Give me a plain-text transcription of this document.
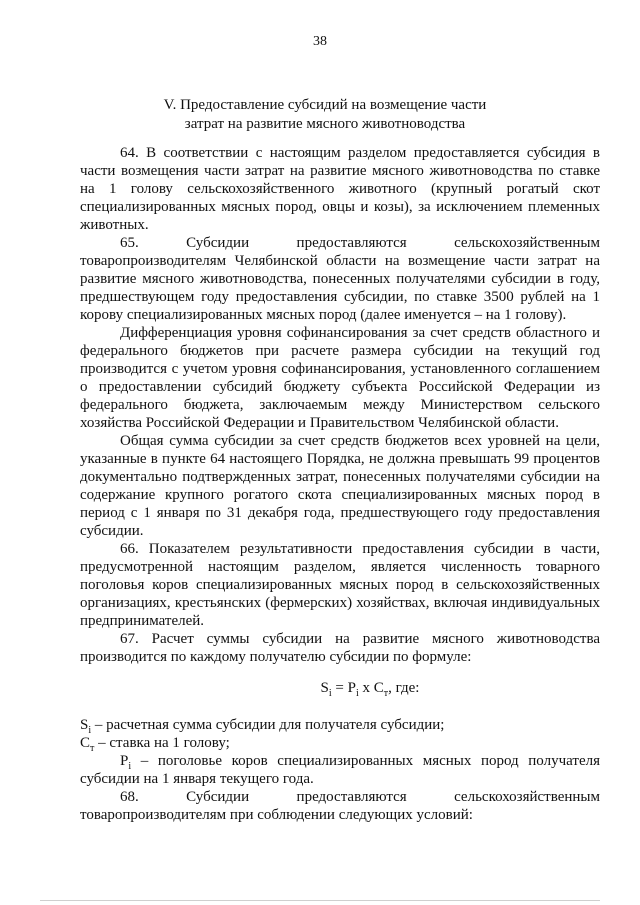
38
V. Предоставление субсидий на возмещение части
затрат на развитие мясного животноводства

64. В соответствии с настоящим разделом предоставляется субсидия в части возмещения части затрат на развитие мясного животноводства по ставке на 1 голову сельскохозяйственного животного (крупный рогатый скот специализированных мясных пород, овцы и козы), за исключением племенных животных.

65. Субсидии предоставляются сельскохозяйственным товаропроизводителям Челябинской области на возмещение части затрат на развитие мясного животноводства, понесенных получателями субсидии в году, предшествующем году предоставления субсидии, по ставке 3500 рублей на 1 корову специализированных мясных пород (далее именуется – на 1 голову).

Дифференциация уровня софинансирования за счет средств областного и федерального бюджетов при расчете размера субсидии на текущий год производится с учетом уровня софинансирования, установленного соглашением о предоставлении субсидий бюджету субъекта Российской Федерации из федерального бюджета, заключаемым между Министерством сельского хозяйства Российской Федерации и Правительством Челябинской области.

Общая сумма субсидии за счет средств бюджетов всех уровней на цели, указанные в пункте 64 настоящего Порядка, не должна превышать 99 процентов документально подтвержденных затрат, понесенных получателями субсидии на содержание крупного рогатого скота специализированных мясных пород в период с 1 января по 31 декабря года, предшествующего году предоставления субсидии.

66. Показателем результативности предоставления субсидии в части, предусмотренной настоящим разделом, является численность товарного поголовья коров специализированных мясных пород в сельскохозяйственных организациях, крестьянских (фермерских) хозяйствах, включая индивидуальных предпринимателей.

67. Расчет суммы субсидии на развитие мясного животноводства производится по каждому получателю субсидии по формуле:

$S_i = P_i$ x $C_т$, где:

$S_i$ – расчетная сумма субсидии для получателя субсидии;

$С_т$ – ставка на 1 голову;

$P_i$ – поголовье коров специализированных мясных пород получателя субсидии на 1 января текущего года.

68. Субсидии предоставляются сельскохозяйственным товаропроизводителям при соблюдении следующих условий:
